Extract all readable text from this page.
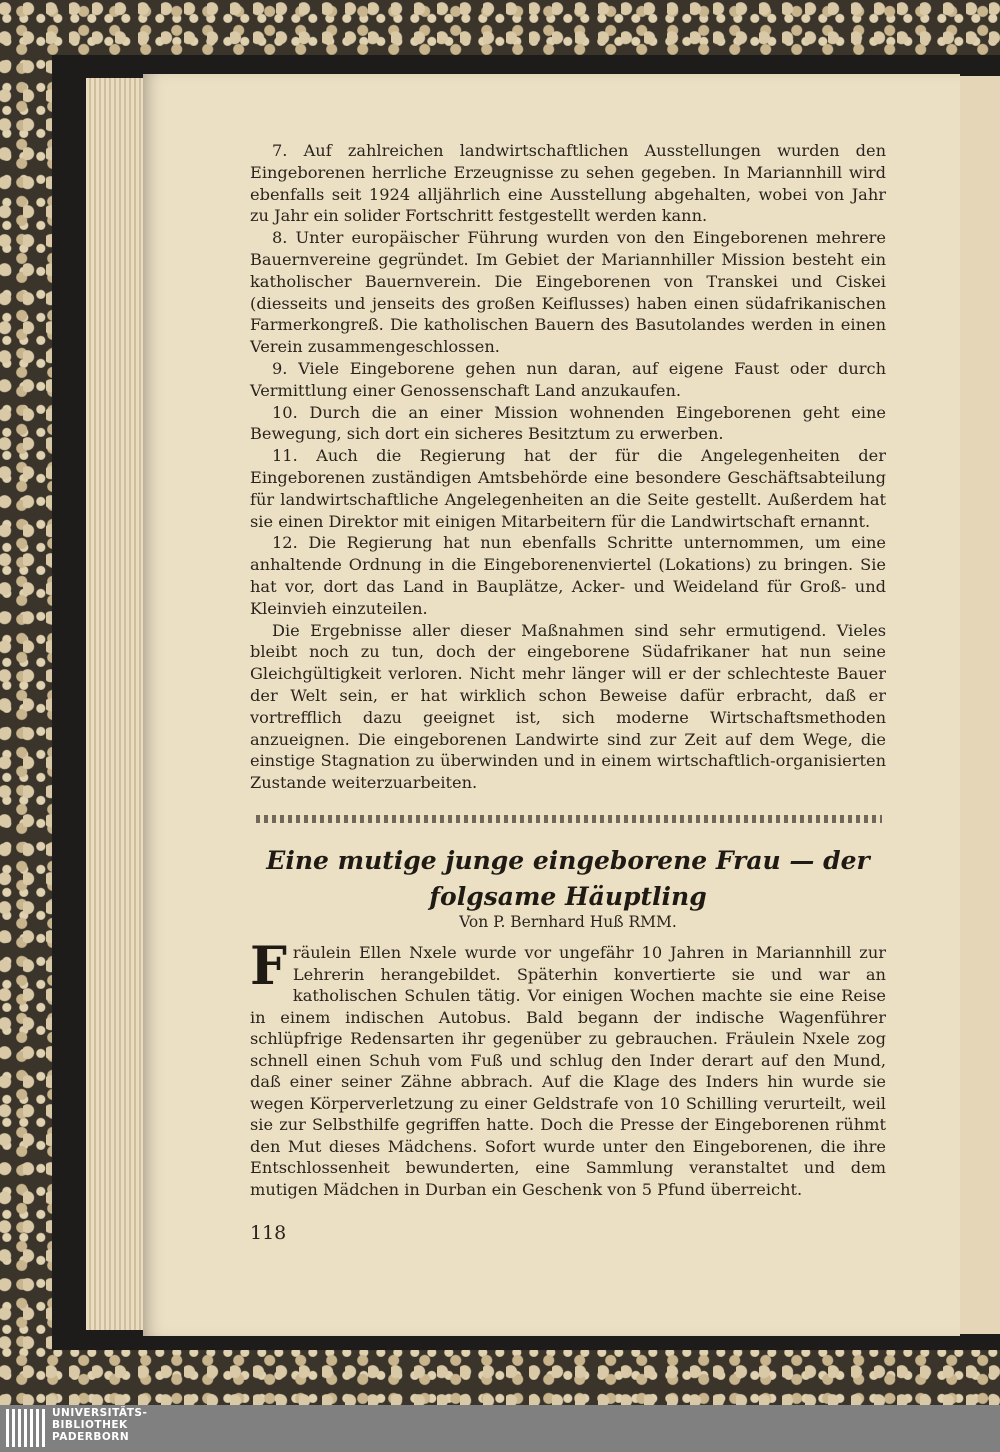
7. Auf zahlreichen landwirtschaftlichen Ausstellungen wurden den Eingeborenen herrliche Erzeugnisse zu sehen gegeben. In Mariannhill wird ebenfalls seit 1924 alljährlich eine Ausstellung abgehalten, wobei von Jahr zu Jahr ein solider Fortschritt festgestellt werden kann.

8. Unter europäischer Führung wurden von den Eingeborenen mehrere Bauernvereine gegründet. Im Gebiet der Mariannhiller Mission besteht ein katholischer Bauernverein. Die Eingeborenen von Transkei und Ciskei (diesseits und jenseits des großen Keiflusses) haben einen südafrikanischen Farmerkongreß. Die katholischen Bauern des Basutolandes werden in einen Verein zusammengeschlossen.

9. Viele Eingeborene gehen nun daran, auf eigene Faust oder durch Vermittlung einer Genossenschaft Land anzukaufen.

10. Durch die an einer Mission wohnenden Eingeborenen geht eine Bewegung, sich dort ein sicheres Besitztum zu erwerben.

11. Auch die Regierung hat der für die Angelegenheiten der Eingeborenen zuständigen Amtsbehörde eine besondere Geschäftsabteilung für landwirtschaftliche Angelegenheiten an die Seite gestellt. Außerdem hat sie einen Direktor mit einigen Mitarbeitern für die Landwirtschaft ernannt.

12. Die Regierung hat nun ebenfalls Schritte unternommen, um eine anhaltende Ordnung in die Eingeborenenviertel (Lokations) zu bringen. Sie hat vor, dort das Land in Bauplätze, Acker- und Weideland für Groß- und Kleinvieh einzuteilen.

Die Ergebnisse aller dieser Maßnahmen sind sehr ermutigend. Vieles bleibt noch zu tun, doch der eingeborene Südafrikaner hat nun seine Gleichgültigkeit verloren. Nicht mehr länger will er der schlechteste Bauer der Welt sein, er hat wirklich schon Beweise dafür erbracht, daß er vortrefflich dazu geeignet ist, sich moderne Wirtschaftsmethoden anzueignen. Die eingeborenen Landwirte sind zur Zeit auf dem Wege, die einstige Stagnation zu überwinden und in einem wirtschaftlich-organisierten Zustande weiterzuarbeiten.

Eine mutige junge eingeborene Frau — der
folgsame Häuptling
Von P. Bernhard Huß RMM.
Fräulein Ellen Nxele wurde vor ungefähr 10 Jahren in Mariannhill zur Lehrerin herangebildet. Späterhin konvertierte sie und war an katholischen Schulen tätig. Vor einigen Wochen machte sie eine Reise in einem indischen Autobus. Bald begann der indische Wagenführer schlüpfrige Redensarten ihr gegenüber zu gebrauchen. Fräulein Nxele zog schnell einen Schuh vom Fuß und schlug den Inder derart auf den Mund, daß einer seiner Zähne abbrach. Auf die Klage des Inders hin wurde sie wegen Körperverletzung zu einer Geldstrafe von 10 Schilling verurteilt, weil sie zur Selbsthilfe gegriffen hatte. Doch die Presse der Eingeborenen rühmt den Mut dieses Mädchens. Sofort wurde unter den Eingeborenen, die ihre Entschlossenheit bewunderten, eine Sammlung veranstaltet und dem mutigen Mädchen in Durban ein Geschenk von 5 Pfund überreicht.
118
UNIVERSITÄTS-
BIBLIOTHEK
PADERBORN
